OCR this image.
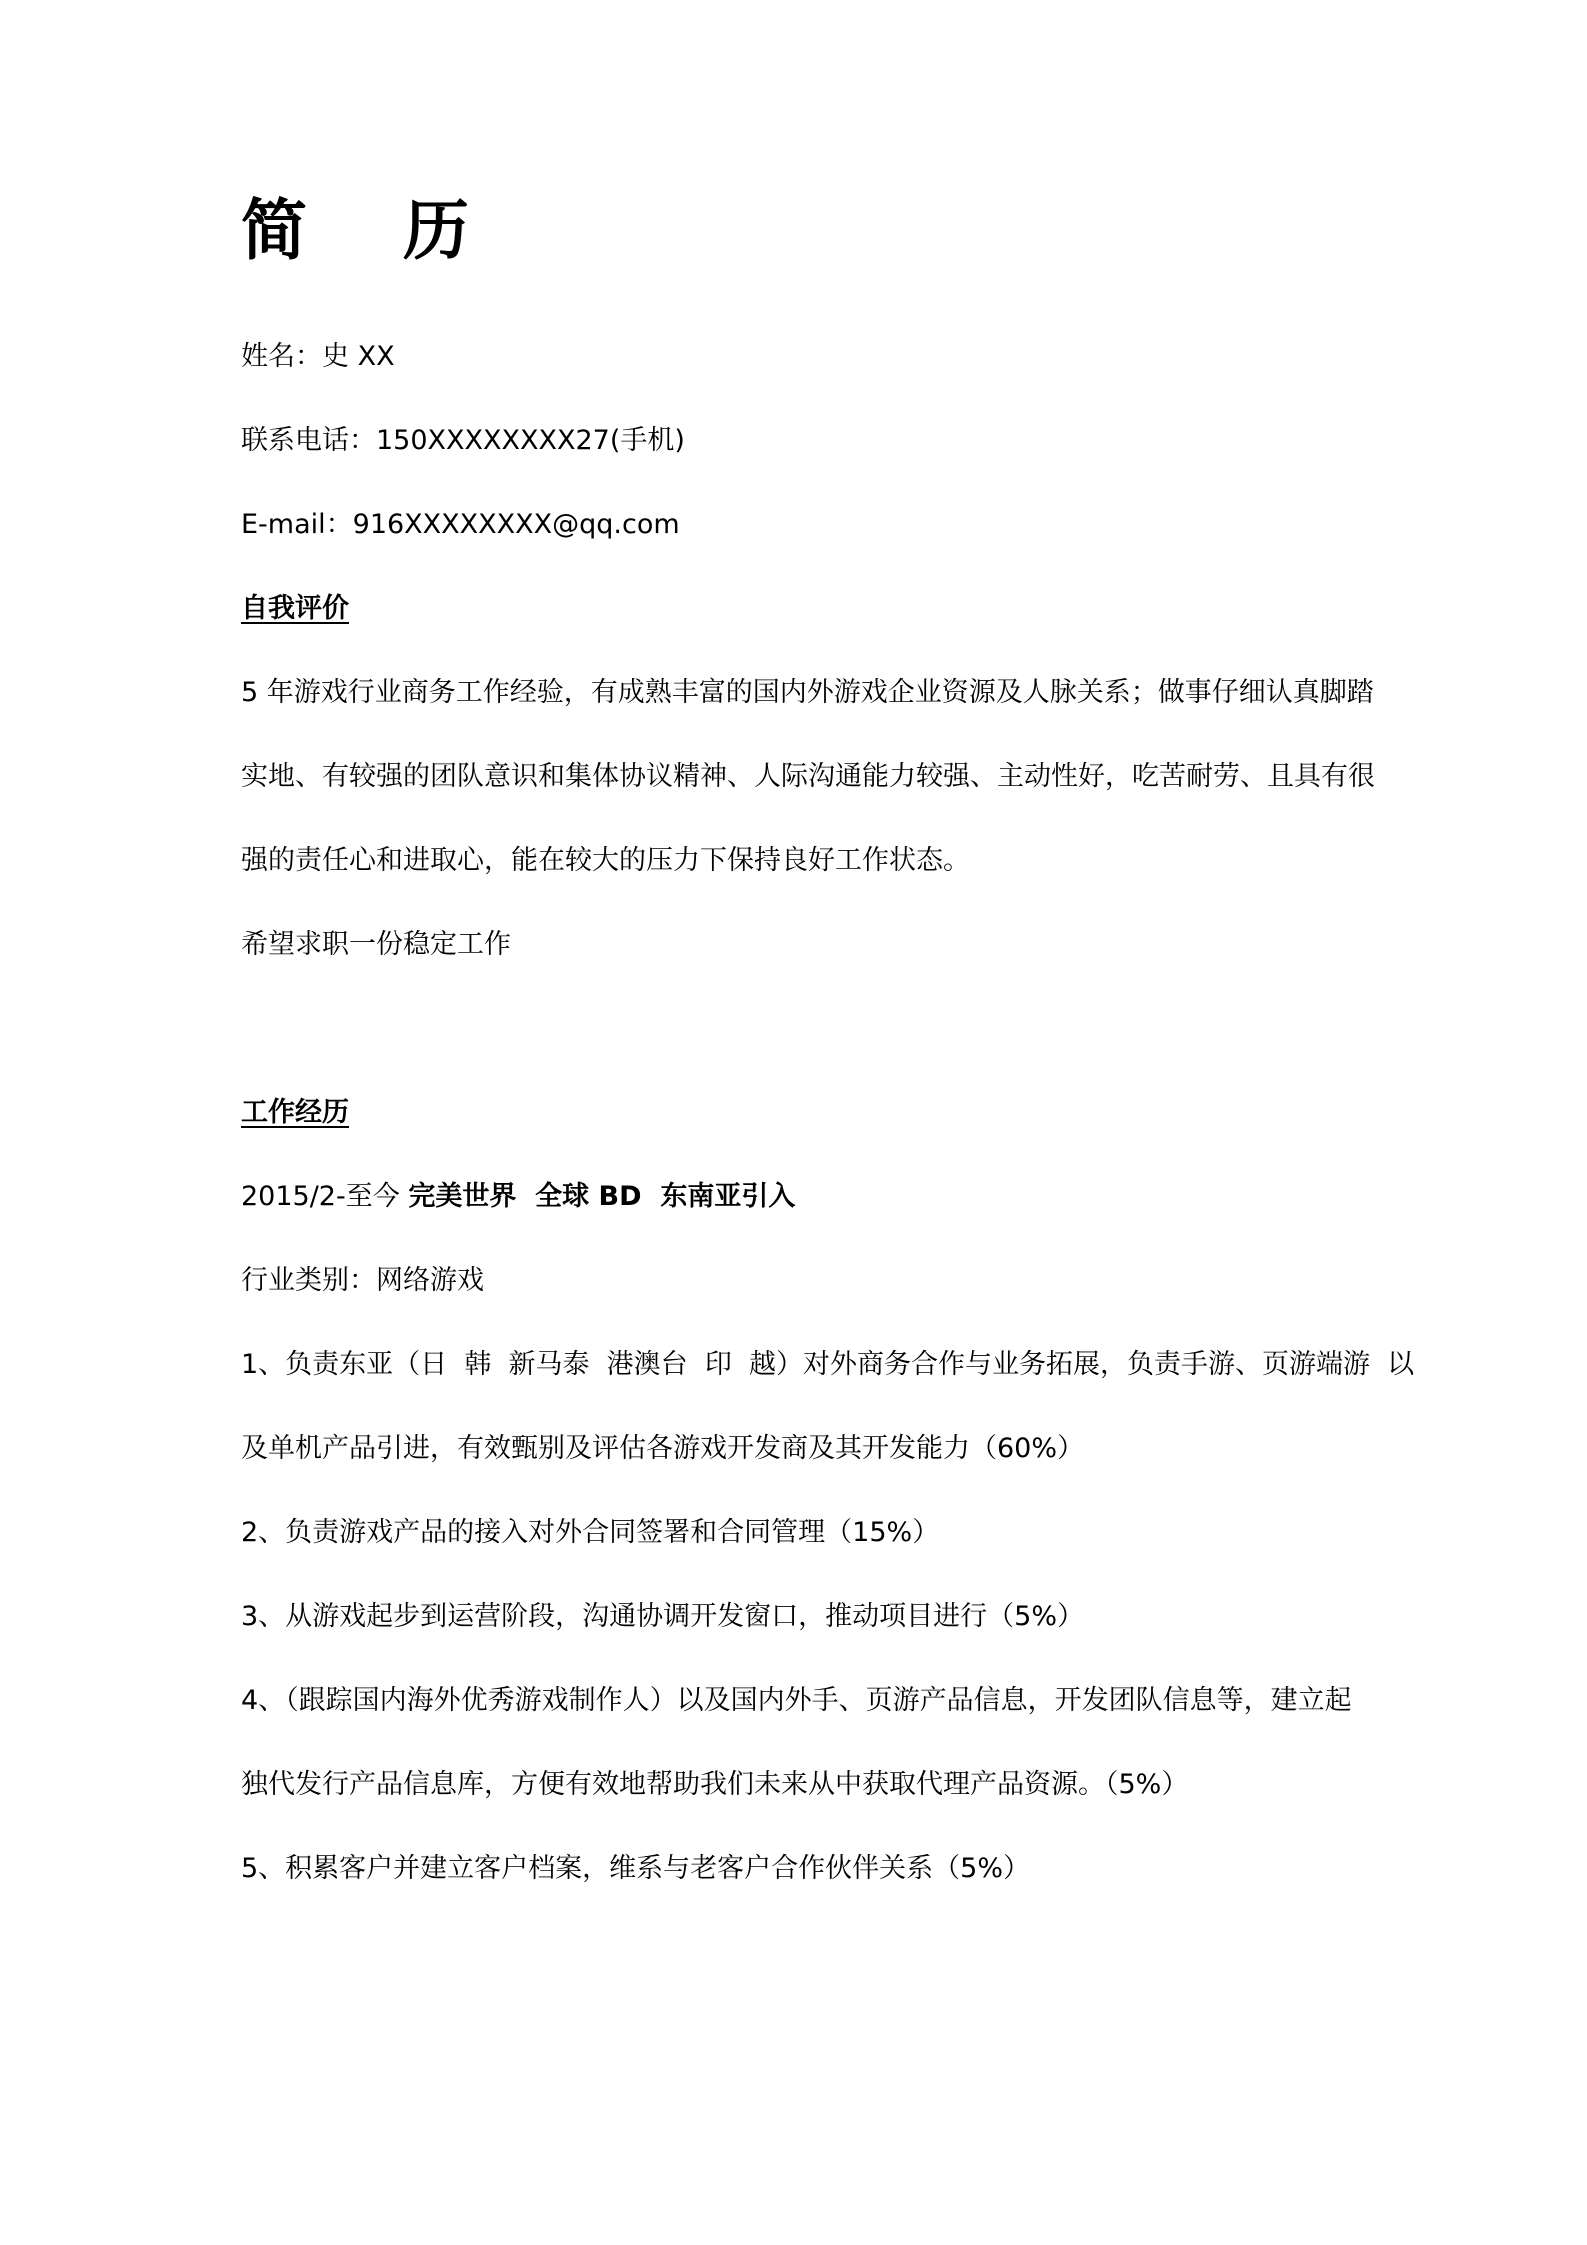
简历
姓名：史 XX
联系电话：150XXXXXXXX27(手机)
E-mail：916XXXXXXXX@qq.com
自我评价
5 年游戏行业商务工作经验，有成熟丰富的国内外游戏企业资源及人脉关系；做事仔细认真脚踏
实地、有较强的团队意识和集体协议精神、人际沟通能力较强、主动性好，吃苦耐劳、且具有很
强的责任心和进取心，能在较大的压力下保持良好工作状态。
希望求职一份稳定工作
工作经历
2015/2-至今 完美世界  全球 BD  东南亚引入
行业类别：网络游戏
1、负责东亚（日  韩  新马泰  港澳台  印  越）对外商务合作与业务拓展，负责手游、页游端游  以
及单机产品引进，有效甄别及评估各游戏开发商及其开发能力（60%）
2、负责游戏产品的接入对外合同签署和合同管理（15%）
3、从游戏起步到运营阶段，沟通协调开发窗口，推动项目进行（5%）
4、（跟踪国内海外优秀游戏制作人）以及国内外手、页游产品信息，开发团队信息等，建立起
独代发行产品信息库，方便有效地帮助我们未来从中获取代理产品资源。（5%）
5、积累客户并建立客户档案，维系与老客户合作伙伴关系（5%）
